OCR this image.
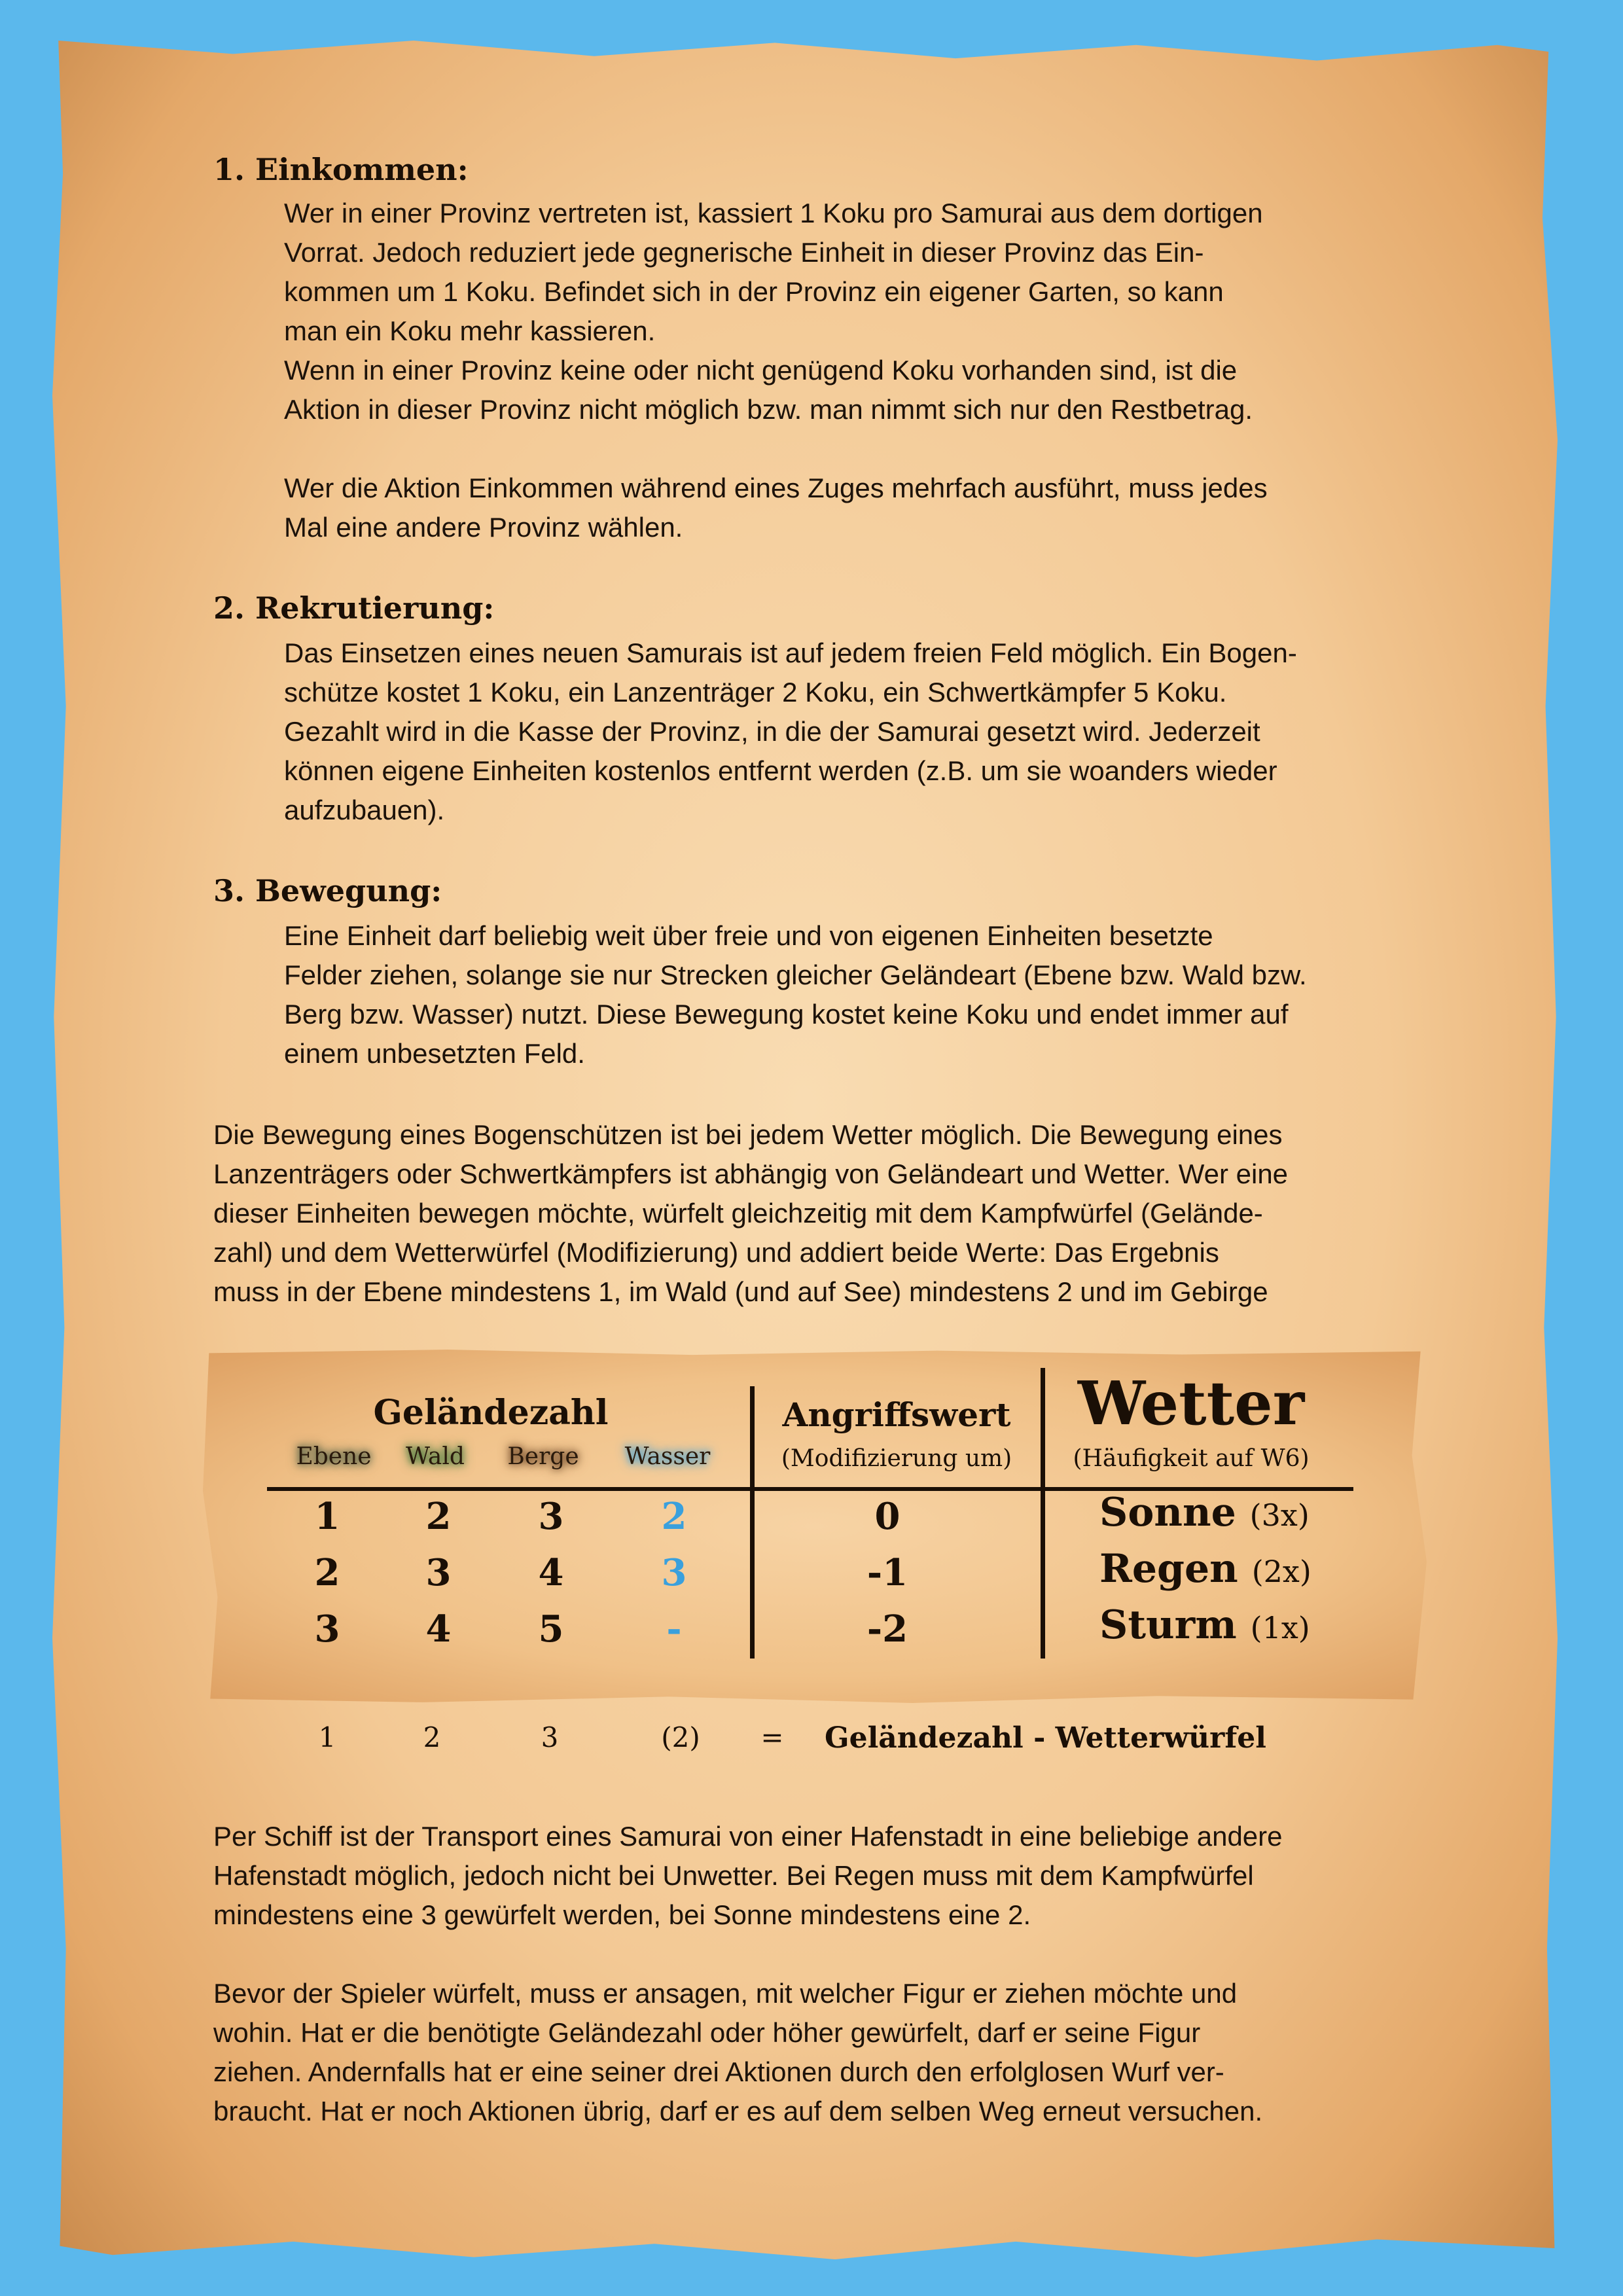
1. Einkommen:

Wer in einer Provinz vertreten ist, kassiert 1 Koku pro Samurai aus dem dortigen
Vorrat. Jedoch reduziert jede gegnerische Einheit in dieser Provinz das Ein-
kommen um 1 Koku. Befindet sich in der Provinz ein eigener Garten, so kann
man ein Koku mehr kassieren.
Wenn in einer Provinz keine oder nicht genügend Koku vorhanden sind, ist die
Aktion in dieser Provinz nicht möglich bzw. man nimmt sich nur den Restbetrag.
Wer die Aktion Einkommen während eines Zuges mehrfach ausführt, muss jedes
Mal eine andere Provinz wählen.

2. Rekrutierung:

Das Einsetzen eines neuen Samurais ist auf jedem freien Feld möglich. Ein Bogen-
schütze kostet 1 Koku, ein Lanzenträger 2 Koku, ein Schwertkämpfer 5 Koku.
Gezahlt wird in die Kasse der Provinz, in die der Samurai gesetzt wird. Jederzeit
können eigene Einheiten kostenlos entfernt werden (z.B. um sie woanders wieder
aufzubauen).

3. Bewegung:

Eine Einheit darf beliebig weit über freie und von eigenen Einheiten besetzte
Felder ziehen, solange sie nur Strecken gleicher Geländeart (Ebene bzw. Wald bzw.
Berg bzw. Wasser) nutzt. Diese Bewegung kostet keine Koku und endet immer auf
einem unbesetzten Feld.

Die Bewegung eines Bogenschützen ist bei jedem Wetter möglich. Die Bewegung eines
Lanzenträgers oder Schwertkämpfers ist abhängig von Geländeart und Wetter. Wer eine
dieser Einheiten bewegen möchte, würfelt gleichzeitig mit dem Kampfwürfel (Gelände-
zahl) und dem Wetterwürfel (Modifizierung) und addiert beide Werte: Das Ergebnis
muss in der Ebene mindestens 1, im Wald (und auf See) mindestens 2 und im Gebirge

Geländezahl	Angriffswert
(Modifizierung um)
Wetter
(Häufigkeit auf W6)
Ebene	Wald	Berge	Wasser
1	2	3	2	0	Sonne (3x)
2	3	4	3	-1	Regen (2x)
3	4	5	-	-2	Sturm (1x)
1	2	3	(2)	= Geländezahl - Wetterwürfel

Per Schiff ist der Transport eines Samurai von einer Hafenstadt in eine beliebige andere
Hafenstadt möglich, jedoch nicht bei Unwetter. Bei Regen muss mit dem Kampfwürfel
mindestens eine 3 gewürfelt werden, bei Sonne mindestens eine 2.

Bevor der Spieler würfelt, muss er ansagen, mit welcher Figur er ziehen möchte und
wohin. Hat er die benötigte Geländezahl oder höher gewürfelt, darf er seine Figur
ziehen. Andernfalls hat er eine seiner drei Aktionen durch den erfolglosen Wurf ver-
braucht. Hat er noch Aktionen übrig, darf er es auf dem selben Weg erneut versuchen.
